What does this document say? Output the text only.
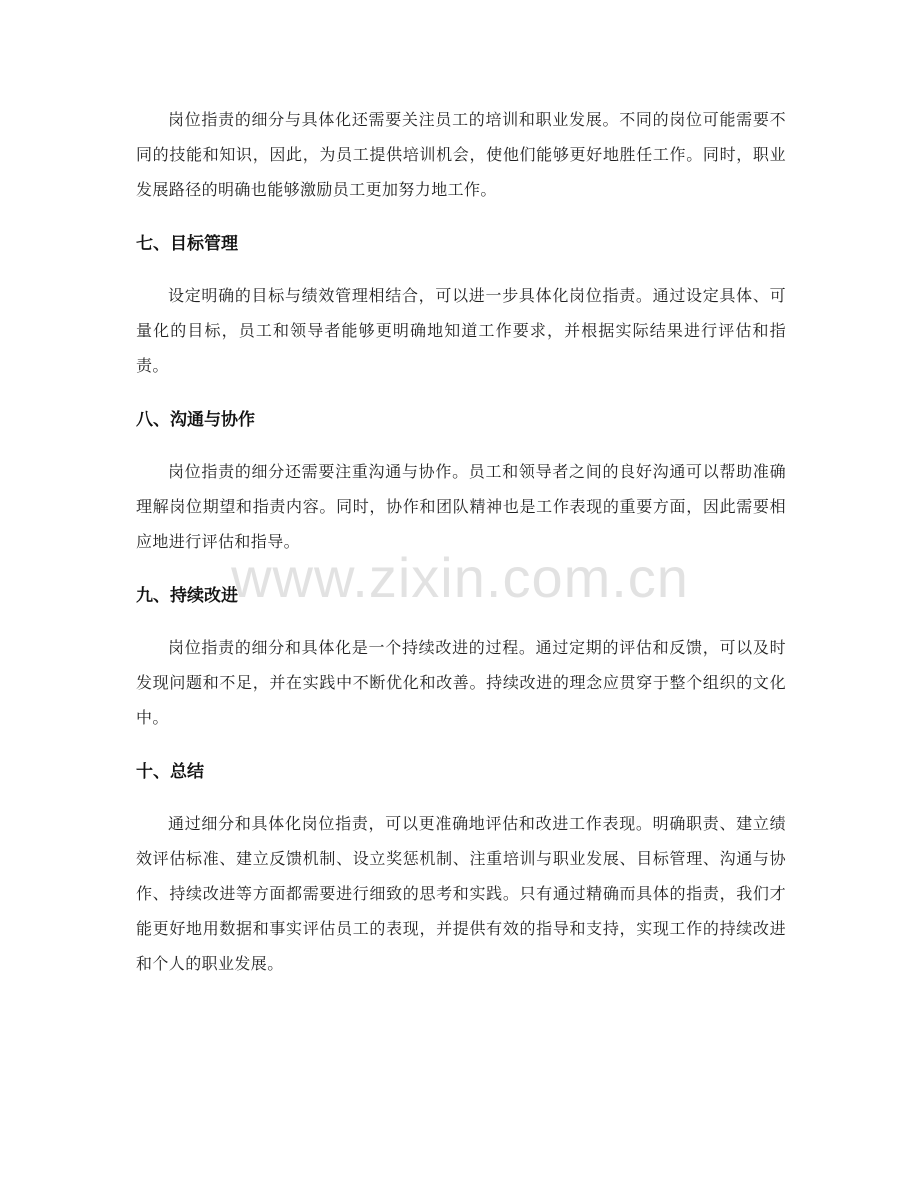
岗位指责的细分与具体化还需要关注员工的培训和职业发展。不同的岗位可能需要不同的技能和知识，因此，为员工提供培训机会，使他们能够更好地胜任工作。同时，职业发展路径的明确也能够激励员工更加努力地工作。

七、目标管理

设定明确的目标与绩效管理相结合，可以进一步具体化岗位指责。通过设定具体、可量化的目标，员工和领导者能够更明确地知道工作要求，并根据实际结果进行评估和指责。

八、沟通与协作

岗位指责的细分还需要注重沟通与协作。员工和领导者之间的良好沟通可以帮助准确理解岗位期望和指责内容。同时，协作和团队精神也是工作表现的重要方面，因此需要相应地进行评估和指导。

九、持续改进

岗位指责的细分和具体化是一个持续改进的过程。通过定期的评估和反馈，可以及时发现问题和不足，并在实践中不断优化和改善。持续改进的理念应贯穿于整个组织的文化中。

十、总结

通过细分和具体化岗位指责，可以更准确地评估和改进工作表现。明确职责、建立绩效评估标准、建立反馈机制、设立奖惩机制、注重培训与职业发展、目标管理、沟通与协作、持续改进等方面都需要进行细致的思考和实践。只有通过精确而具体的指责，我们才能更好地用数据和事实评估员工的表现，并提供有效的指导和支持，实现工作的持续改进和个人的职业发展。

www.zixin.com.cn
